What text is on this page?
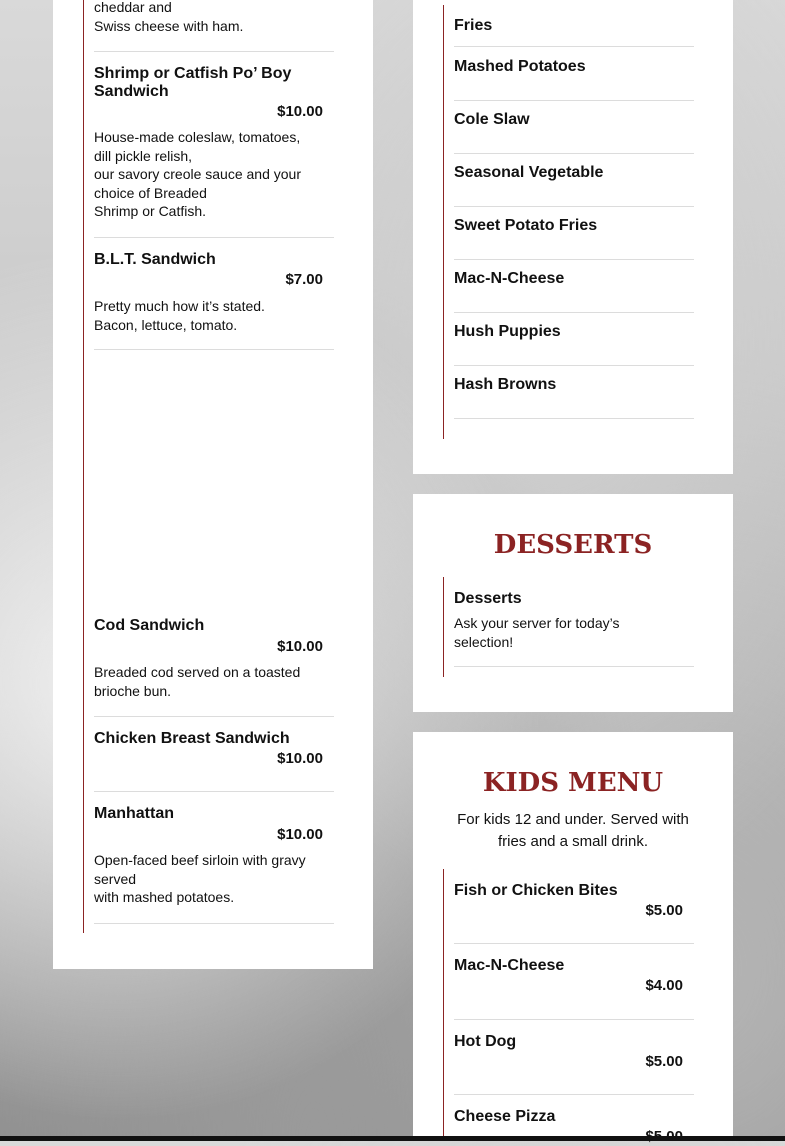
cheddar and
Swiss cheese with ham.
Shrimp or Catfish Po’ Boy Sandwich
$10.00
House-made coleslaw, tomatoes,
dill pickle relish,
our savory creole sauce and your
choice of Breaded
Shrimp or Catfish.
B.L.T. Sandwich
$7.00
Pretty much how it’s stated.
Bacon, lettuce, tomato.
Cod Sandwich
$10.00
Breaded cod served on a toasted
brioche bun.
Chicken Breast Sandwich
$10.00
Manhattan
$10.00
Open-faced beef sirloin with gravy
served
with mashed potatoes.
Fries
Mashed Potatoes
Cole Slaw
Seasonal Vegetable
Sweet Potato Fries
Mac-N-Cheese
Hush Puppies
Hash Browns
DESSERTS
Desserts
Ask your server for today’s
selection!
KIDS MENU
For kids 12 and under. Served with fries and a small drink.
Fish or Chicken Bites
$5.00
Mac-N-Cheese
$4.00
Hot Dog
$5.00
Cheese Pizza
